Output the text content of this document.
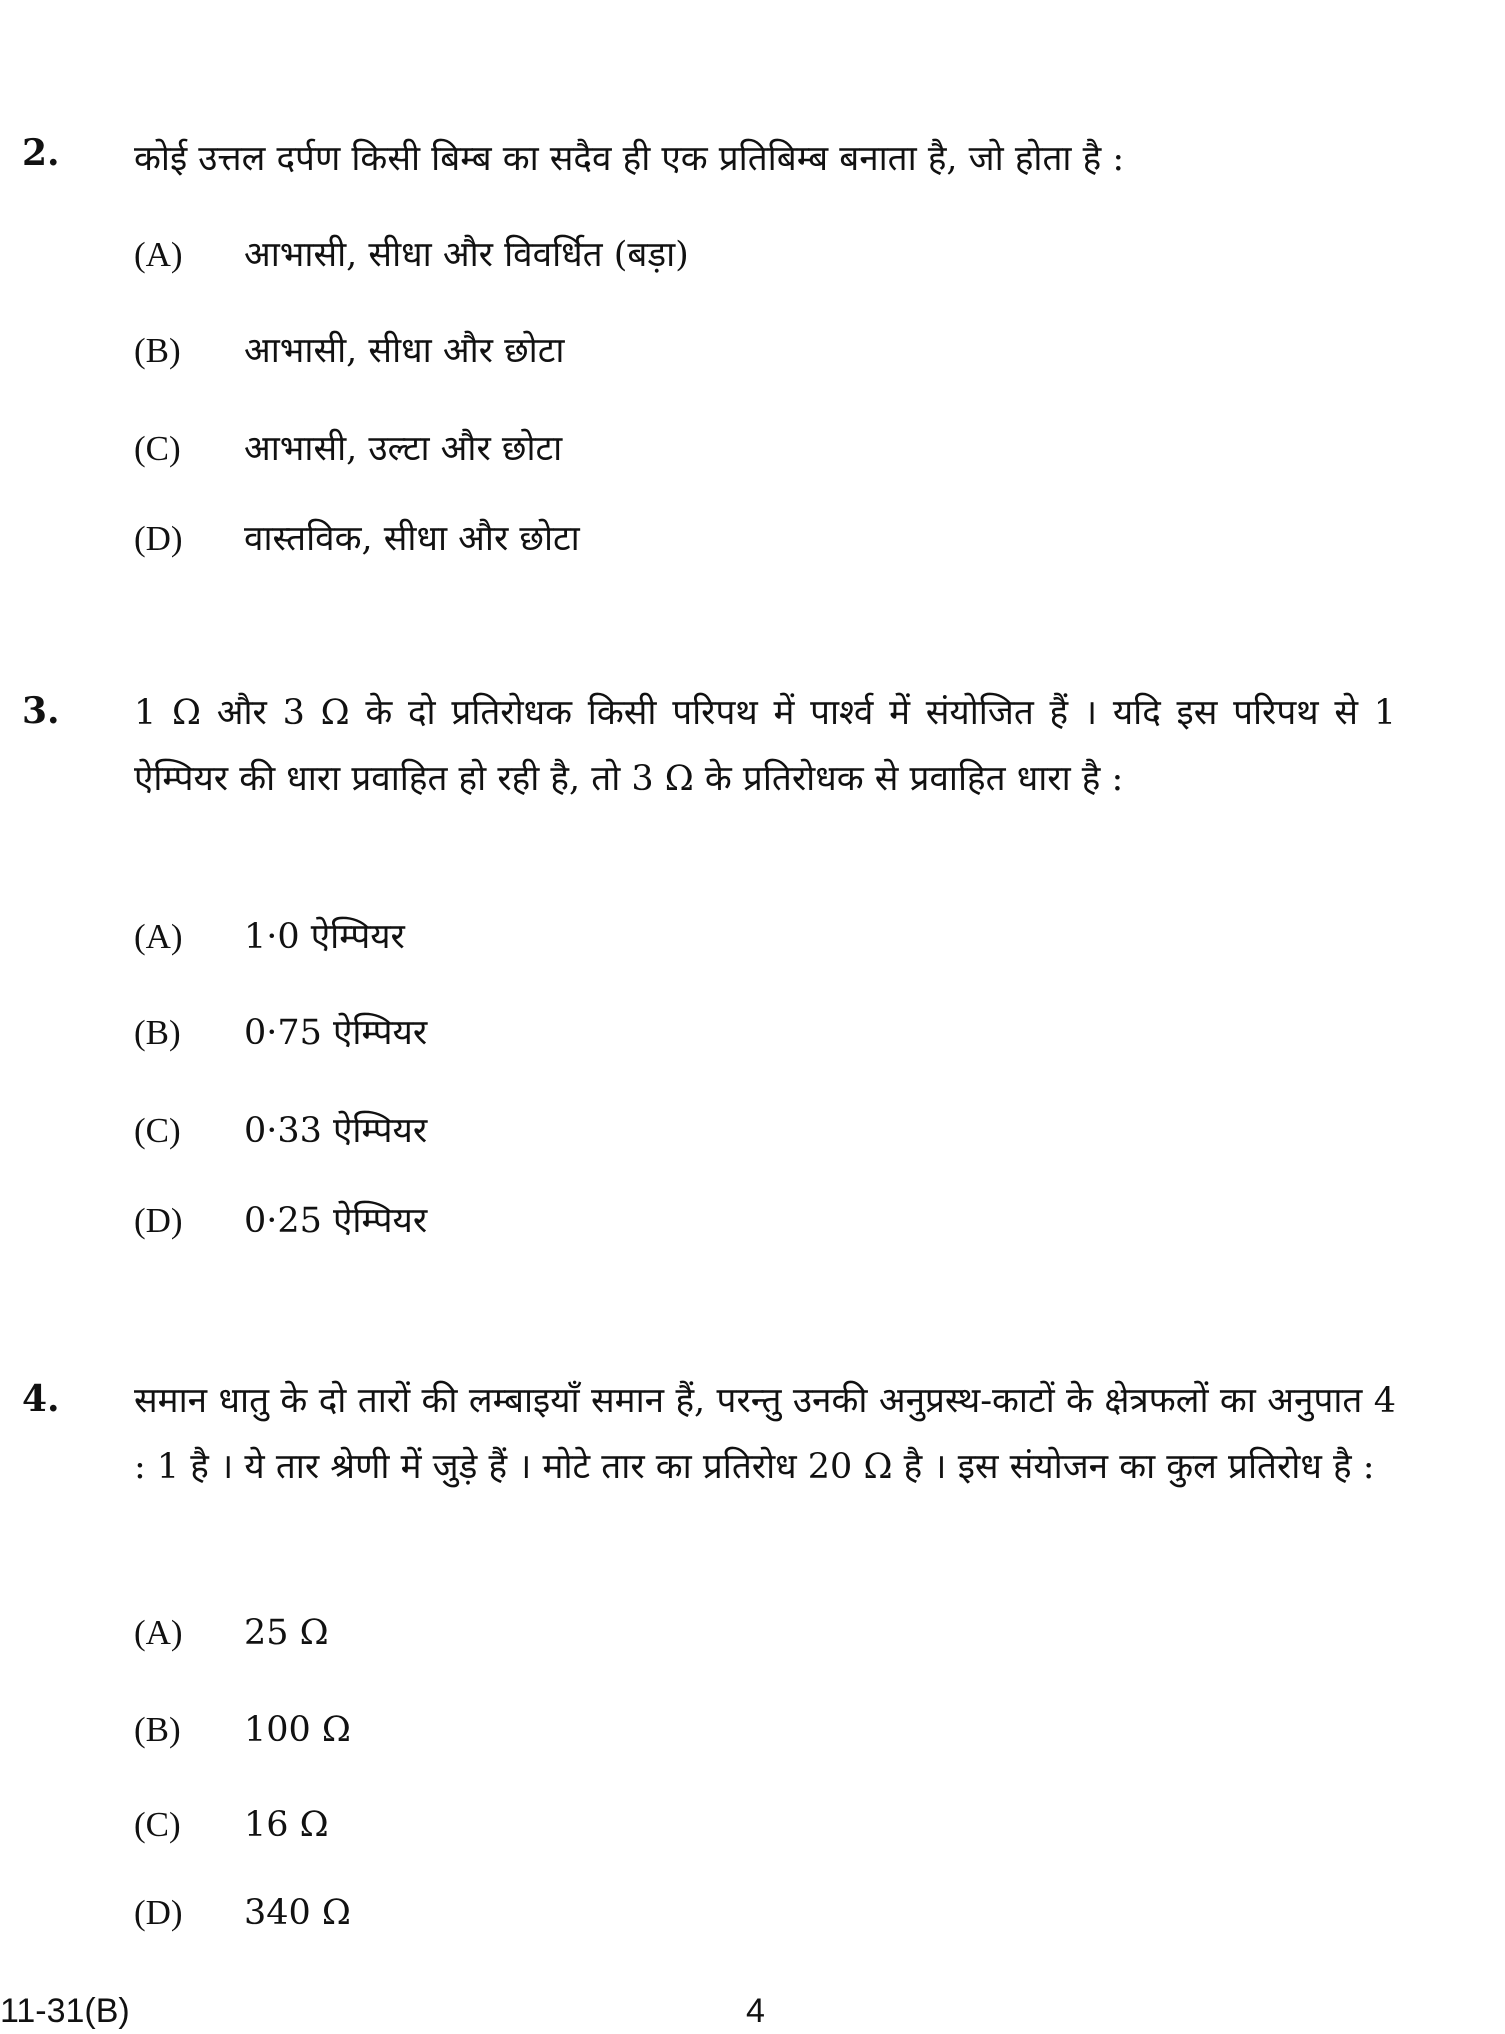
2. कोई उत्तल दर्पण किसी बिम्ब का सदैव ही एक प्रतिबिम्ब बनाता है, जो होता है :
(A) आभासी, सीधा और विवर्धित (बड़ा)
(B) आभासी, सीधा और छोटा
(C) आभासी, उल्टा और छोटा
(D) वास्तविक, सीधा और छोटा
3. 1 Ω और 3 Ω के दो प्रतिरोधक किसी परिपथ में पार्श्व में संयोजित हैं । यदि इस परिपथ से 1 ऐम्पियर की धारा प्रवाहित हो रही है, तो 3 Ω के प्रतिरोधक से प्रवाहित धारा है :
(A) 1·0 ऐम्पियर
(B) 0·75 ऐम्पियर
(C) 0·33 ऐम्पियर
(D) 0·25 ऐम्पियर
4. समान धातु के दो तारों की लम्बाइयाँ समान हैं, परन्तु उनकी अनुप्रस्थ-काटों के क्षेत्रफलों का अनुपात 4 : 1 है । ये तार श्रेणी में जुड़े हैं । मोटे तार का प्रतिरोध 20 Ω है । इस संयोजन का कुल प्रतिरोध है :
(A) 25 Ω
(B) 100 Ω
(C) 16 Ω
(D) 340 Ω
11-31(B)	4
